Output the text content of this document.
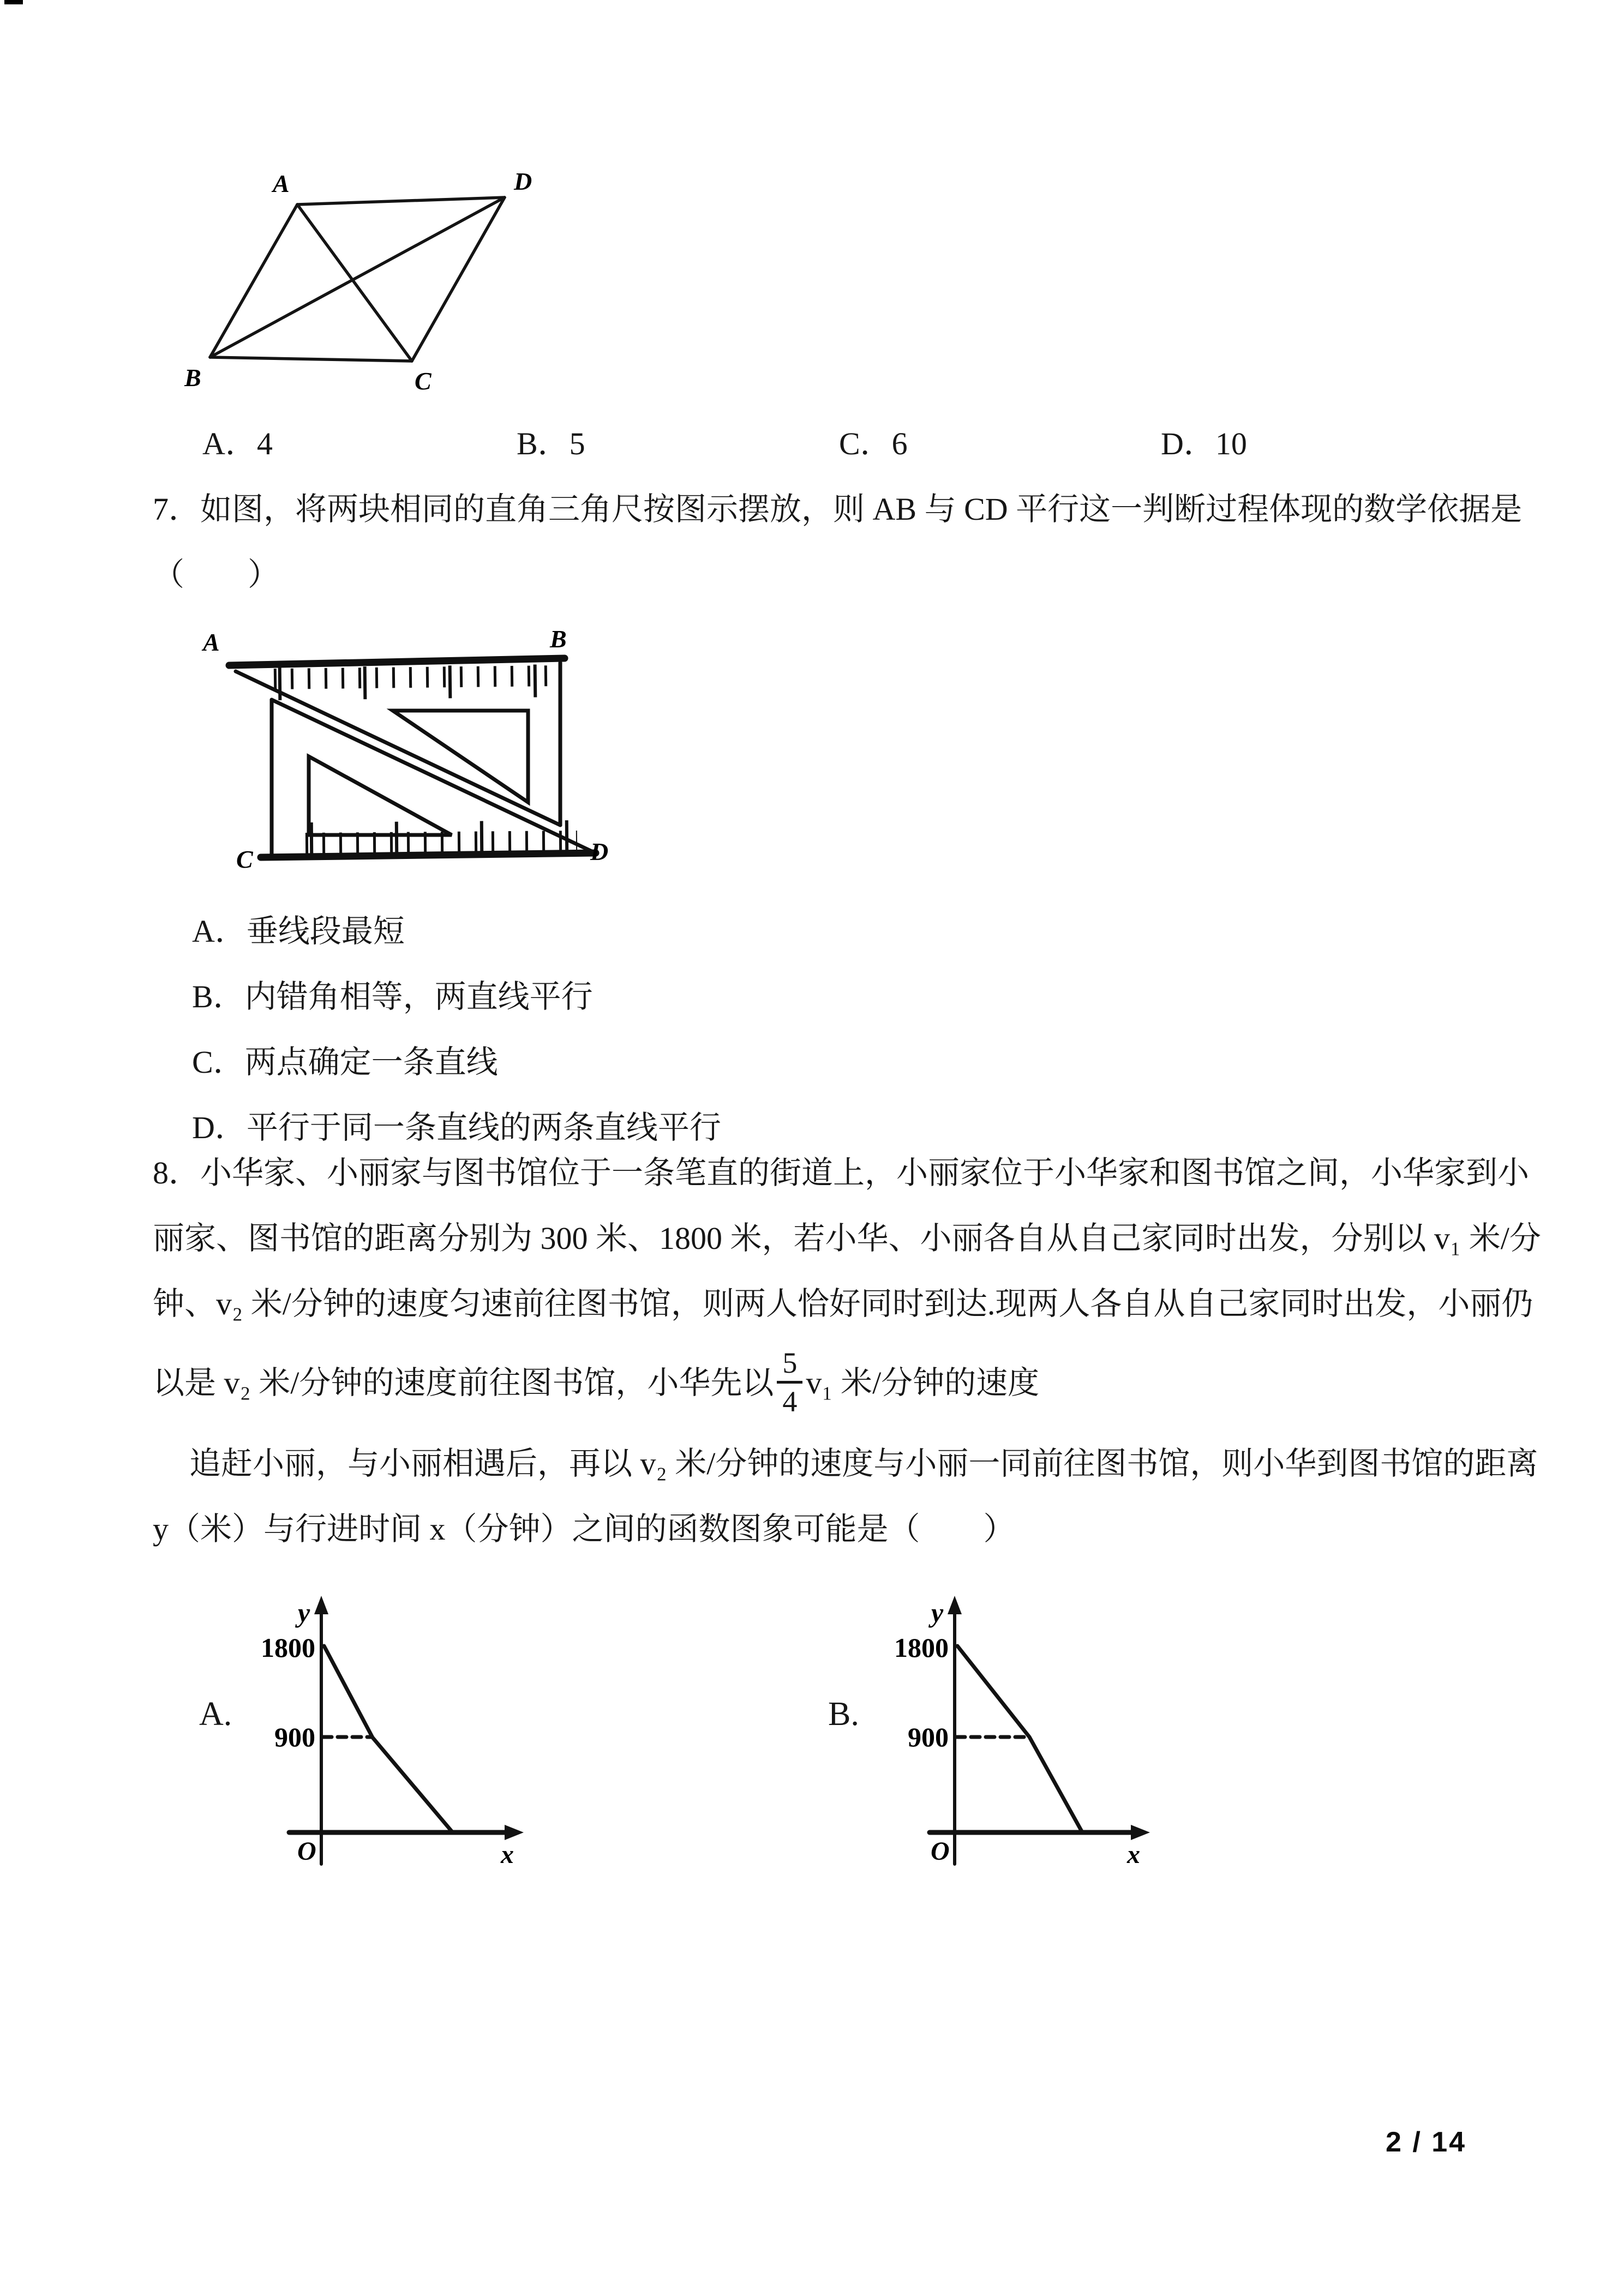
A	D
B	C
A．4	B．5	C．6	D．10
7．如图，将两块相同的直角三角尺按图示摆放，则 AB 与 CD 平行这一判断过程体现的数学依据是
（　　）
A	B
C	D
A．垂线段最短
B．内错角相等，两直线平行
C．两点确定一条直线
D．平行于同一条直线的两条直线平行
8．小华家、小丽家与图书馆位于一条笔直的街道上，小丽家位于小华家和图书馆之间，小华家到小
丽家、图书馆的距离分别为 300 米、1800 米，若小华、小丽各自从自己家同时出发，分别以 v₁ 米/分
钟、v₂ 米/分钟的速度匀速前往图书馆，则两人恰好同时到达.现两人各自从自己家同时出发，小丽仍
以是 v₂ 米/分钟的速度前往图书馆，小华先以 $\frac{5}{4} v_1$ 米/分钟的速度
追赶小丽，与小丽相遇后，再以 v₂ 米/分钟的速度与小丽一同前往图书馆，则小华到图书馆的距离
y（米）与行进时间 x（分钟）之间的函数图象可能是（　　）
A.
y
x
O
1800
900
B.
y
x
O
1800
900
2 / 14
